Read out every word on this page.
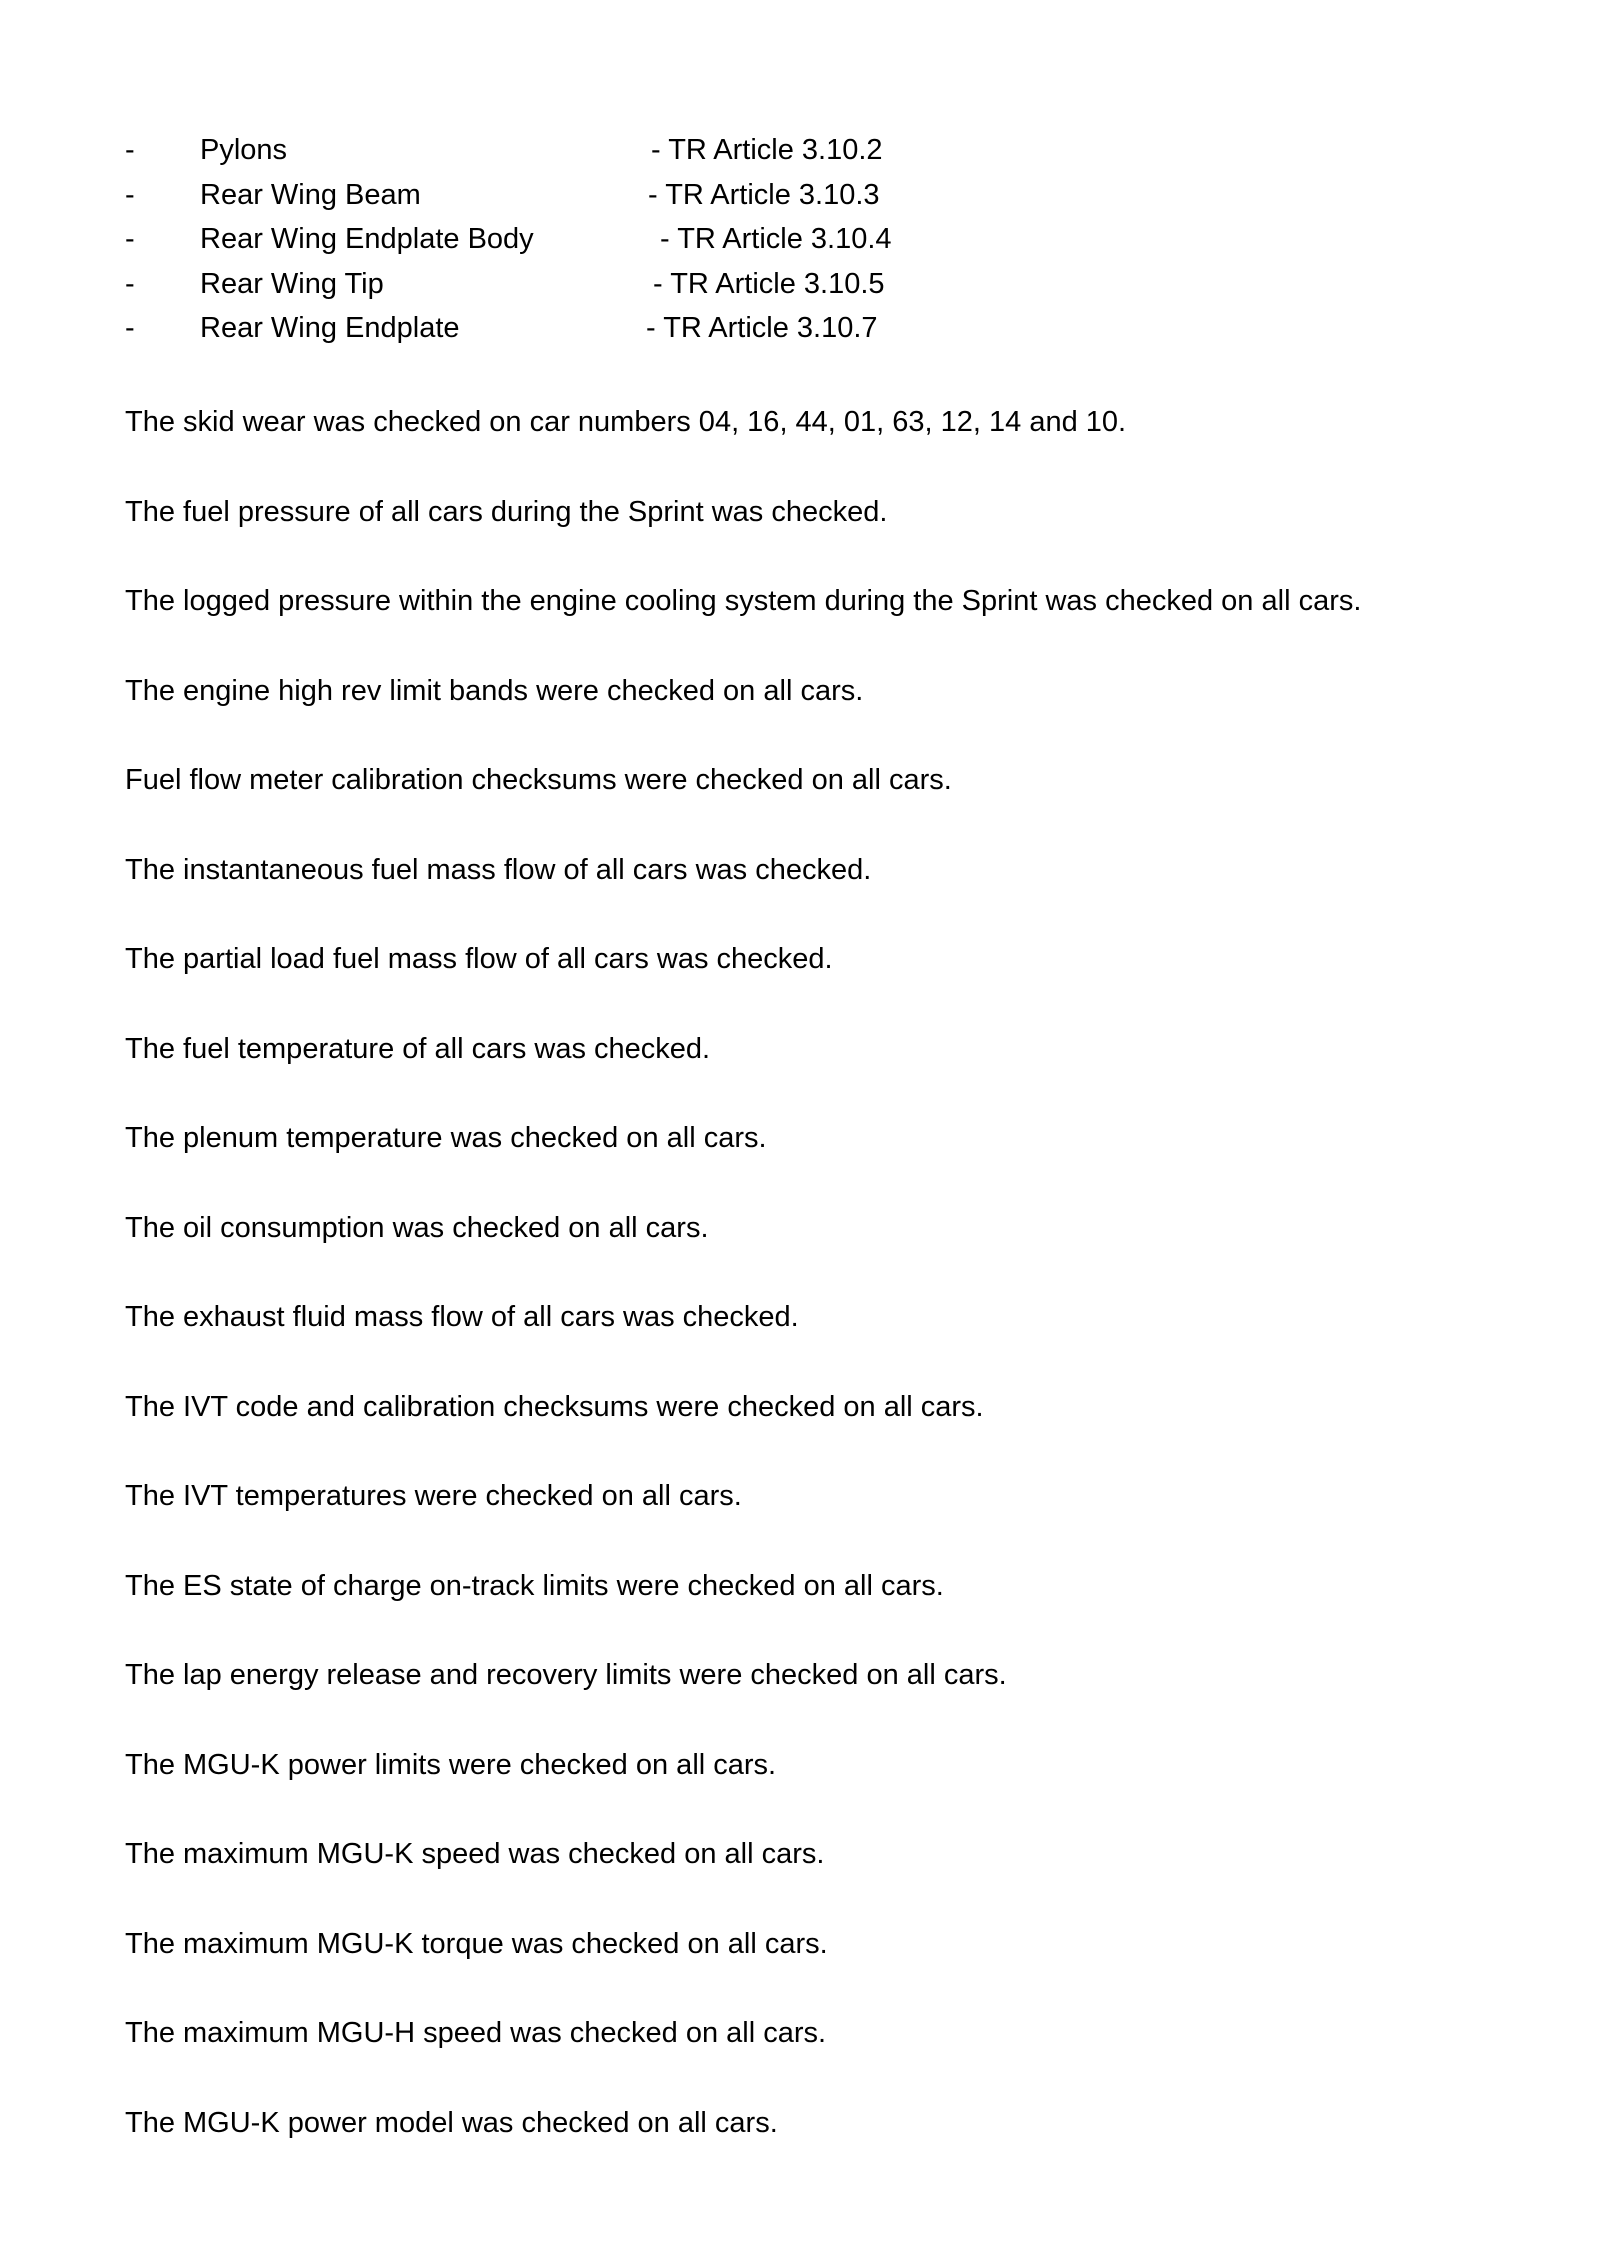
- Pylons	- TR Article 3.10.2
- Rear Wing Beam	- TR Article 3.10.3
- Rear Wing Endplate Body	- TR Article 3.10.4
- Rear Wing Tip	- TR Article 3.10.5
- Rear Wing Endplate	- TR Article 3.10.7
The skid wear was checked on car numbers 04, 16, 44, 01, 63, 12, 14 and 10.
The fuel pressure of all cars during the Sprint was checked.
The logged pressure within the engine cooling system during the Sprint was checked on all cars.
The engine high rev limit bands were checked on all cars.
Fuel flow meter calibration checksums were checked on all cars.
The instantaneous fuel mass flow of all cars was checked.
The partial load fuel mass flow of all cars was checked.
The fuel temperature of all cars was checked.
The plenum temperature was checked on all cars.
The oil consumption was checked on all cars.
The exhaust fluid mass flow of all cars was checked.
The IVT code and calibration checksums were checked on all cars.
The IVT temperatures were checked on all cars.
The ES state of charge on-track limits were checked on all cars.
The lap energy release and recovery limits were checked on all cars.
The MGU-K power limits were checked on all cars.
The maximum MGU-K speed was checked on all cars.
The maximum MGU-K torque was checked on all cars.
The maximum MGU-H speed was checked on all cars.
The MGU-K power model was checked on all cars.
